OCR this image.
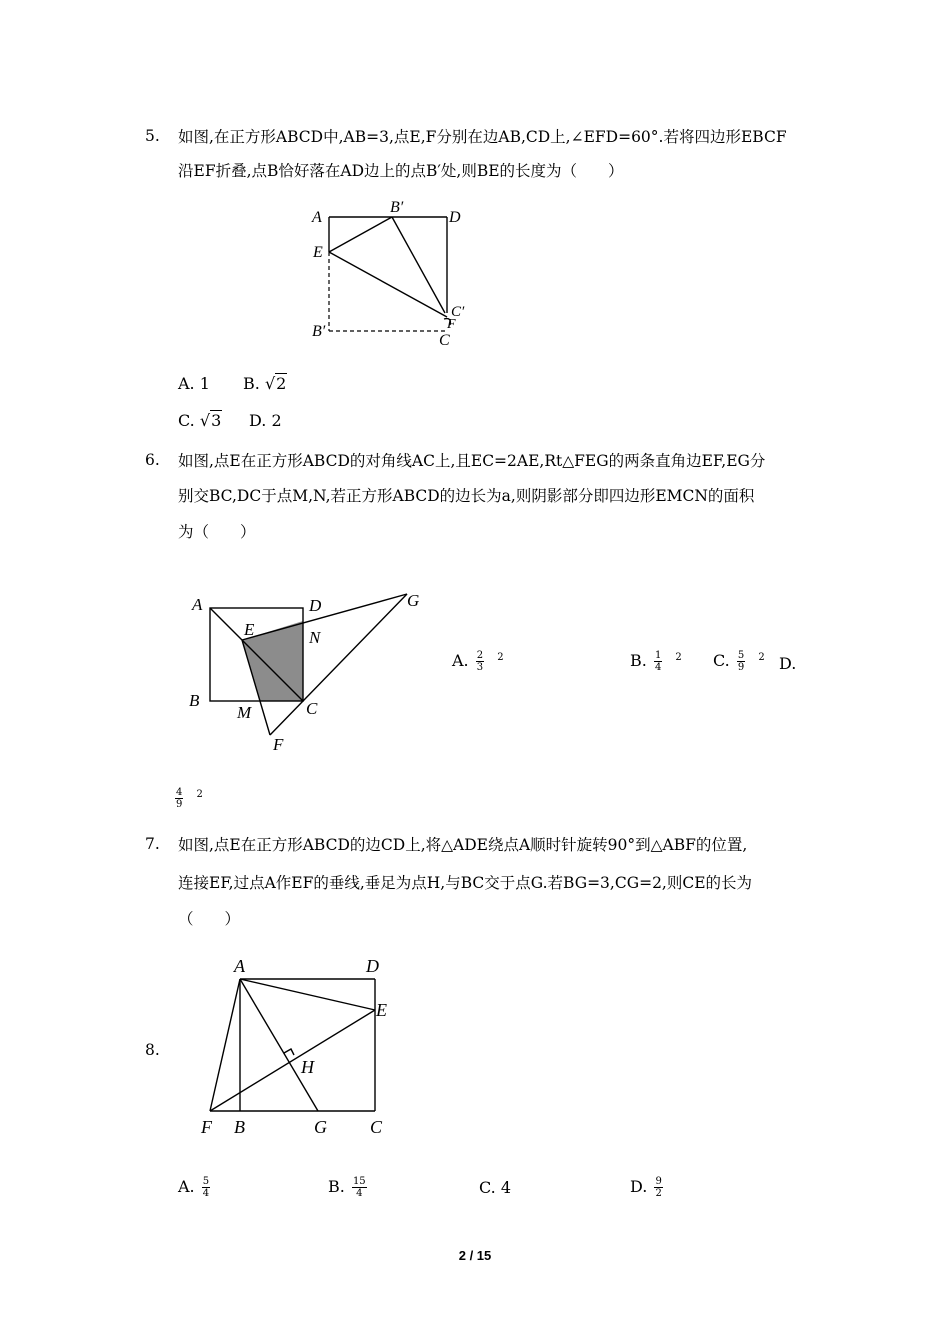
5. 如图,在正方形ABCD中,AB=3,点E,F分别在边AB,CD上,∠EFD=60°.若将四边形EBCF
沿EF折叠,点B恰好落在AD边上的点B′处,则BE的长度为（　　）
A
B′
D
E
C′
F
B′
C
A. 1 B. √2
C. √3 D. 2
6. 如图,点E在正方形ABCD的对角线AC上,且EC=2AE,Rt△FEG的两条直角边EF,EG分
别交BC,DC于点M,N,若正方形ABCD的边长为a,则阴影部分即四边形EMCN的面积
为（　　）
A	D	G
E	N
B
M	C
F
A. $\frac{2}{3} ^2$	B. $\frac{1}{4} ^2$ C. $\frac{5}{9} ^2$ D.
$\frac{4}{9} ^2$
7. 如图,点E在正方形ABCD的边CD上,将△ADE绕点A顺时针旋转90°到△ABF的位置,
连接EF,过点A作EF的垂线,垂足为点H,与BC交于点G.若BG=3,CG=2,则CE的长为
（　　）
8.
A	D
E
H
F B	G C
A. $\frac{5}{4}$	B. $\frac{15}{4}$	C. 4	D. $\frac{9}{2}$
2 / 15
